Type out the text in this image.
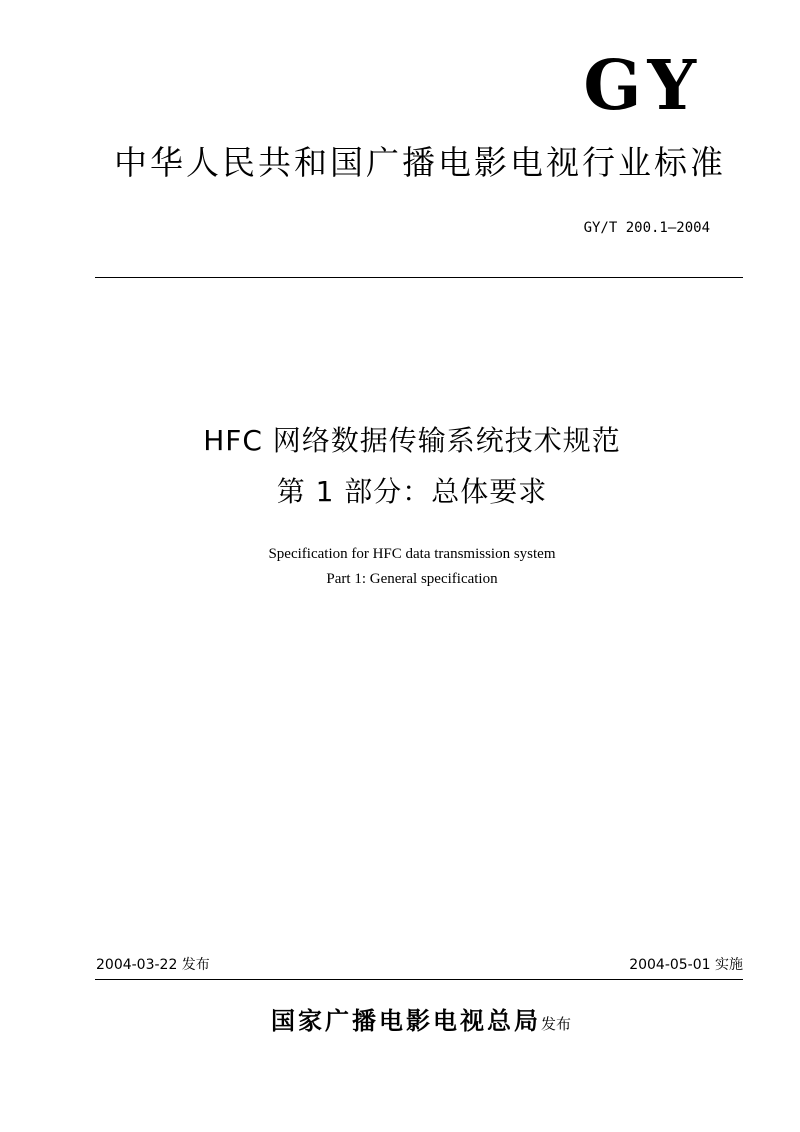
GY
中华人民共和国广播电影电视行业标准
GY/T 200.1—2004
HFC 网络数据传输系统技术规范
第 1 部分：总体要求
Specification for HFC data transmission system
Part 1: General specification
2004-03-22 发布	2004-05-01 实施
国家广播电影电视总局发布
